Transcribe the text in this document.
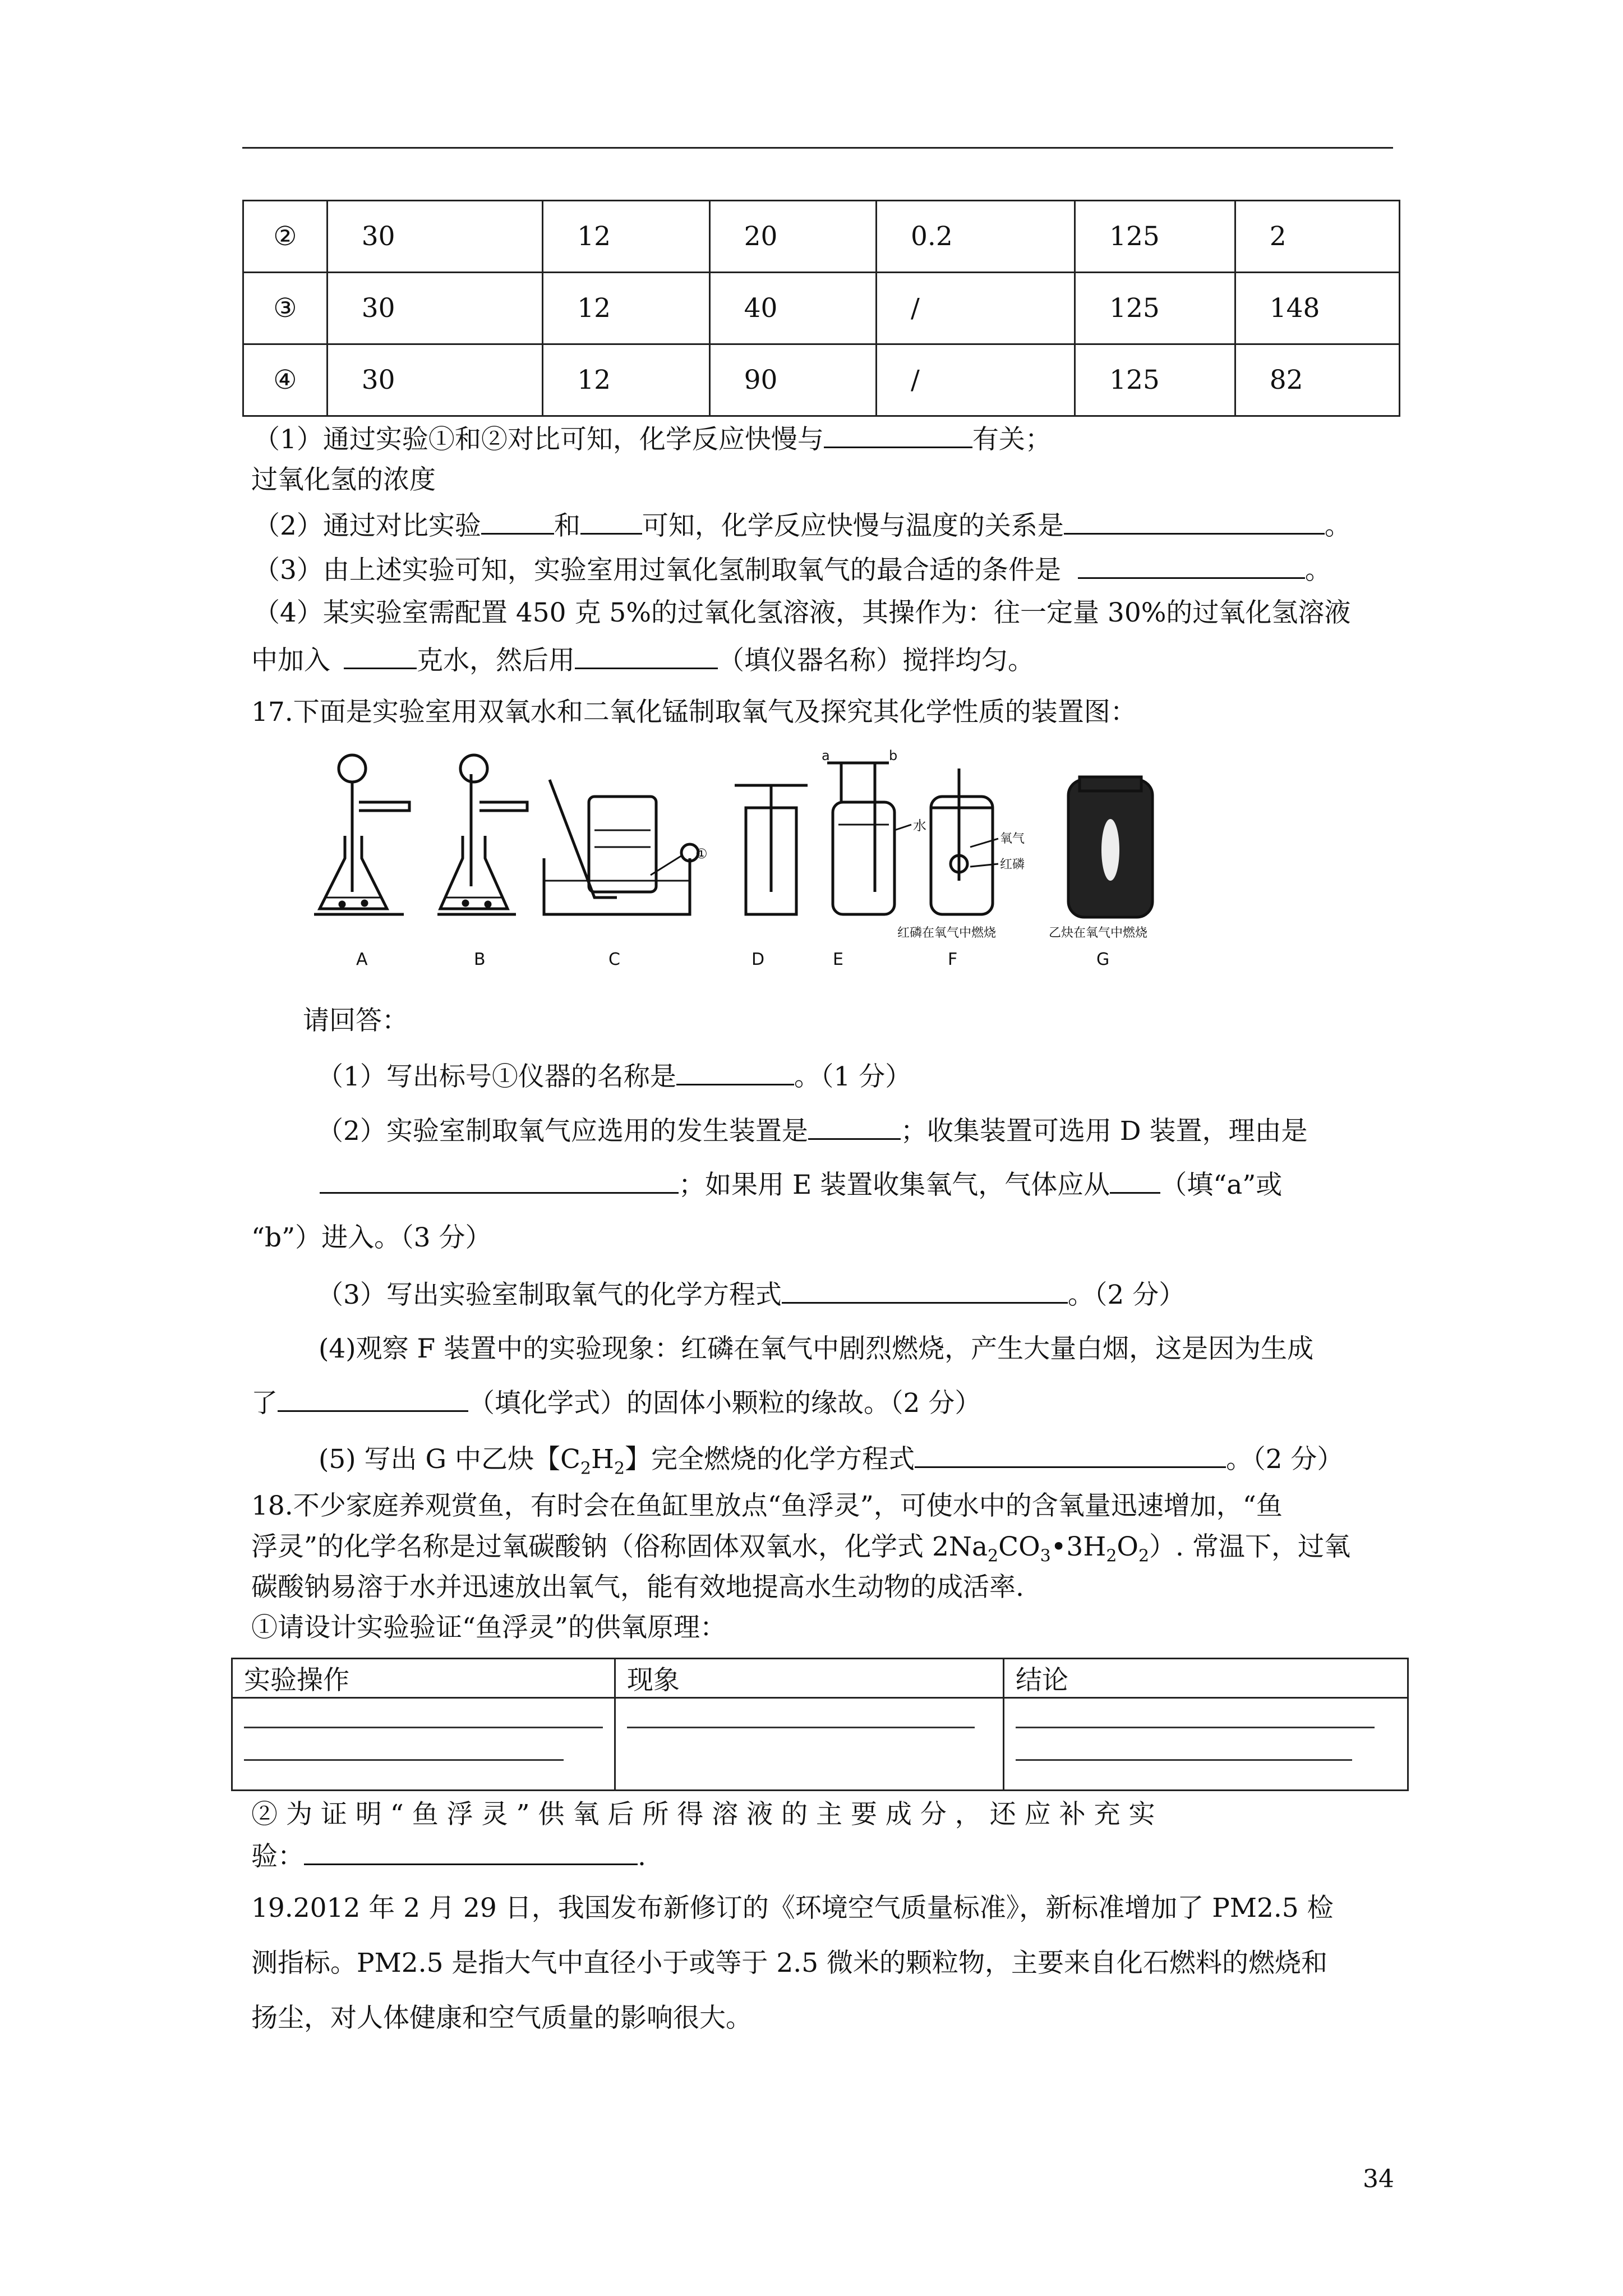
②	30	12	20	0.2	125	2
③	30	12	40	/	125	148
④	30	12	90	/	125	82
（1）通过实验①和②对比可知，化学反应快慢与	有关；
过氧化氢的浓度
（2）通过对比实验	和 可知，化学反应快慢与温度的关系是	。
（3）由上述实验可知，实验室用过氧化氢制取氧气的最合适的条件是	。
（4）某实验室需配置 450 克 5%的过氧化氢溶液，其操作为：往一定量 30%的过氧化氢溶液
中加入	克水，然后用	（填仪器名称）搅拌均匀。
17.下面是实验室用双氧水和二氧化锰制取氧气及探究其化学性质的装置图：
A	B	C	D	E	F	G
①
a	b
水
氧气
红磷
红磷在氧气中燃烧	乙炔在氧气中燃烧
请回答：
（1）写出标号①仪器的名称是	。（1 分）
（2）实验室制取氧气应选用的发生装置是	；收集装置可选用 D 装置，理由是
；如果用 E 装置收集氧气，气体应从 （填“a”或
“b”）进入。（3 分）
（3）写出实验室制取氧气的化学方程式	。（2 分）
(4)观察 F 装置中的实验现象：红磷在氧气中剧烈燃烧，产生大量白烟，这是因为生成
了	（填化学式）的固体小颗粒的缘故。（2 分）
(5) 写出 G 中乙炔【$C_2H_2$】完全燃烧的化学方程式	。（2 分）
18.不少家庭养观赏鱼，有时会在鱼缸里放点“鱼浮灵”，可使水中的含氧量迅速增加，“鱼
浮灵”的化学名称是过氧碳酸钠（俗称固体双氧水，化学式 $2Na_2CO_3•3H_2O_2$）. 常温下，过氧
碳酸钠易溶于水并迅速放出氧气，能有效地提高水生动物的成活率.
①请设计实验验证“鱼浮灵”的供氧原理：
实验操作	现象	结论

② 为 证 明 “ 鱼 浮 灵 ” 供 氧 后 所 得 溶 液 的 主 要 成 分 ， 还 应 补 充 实
验：	.
19.2012 年 2 月 29 日，我国发布新修订的《环境空气质量标准》，新标准增加了 PM2.5 检
测指标。PM2.5 是指大气中直径小于或等于 2.5 微米的颗粒物，主要来自化石燃料的燃烧和
扬尘，对人体健康和空气质量的影响很大。
34
